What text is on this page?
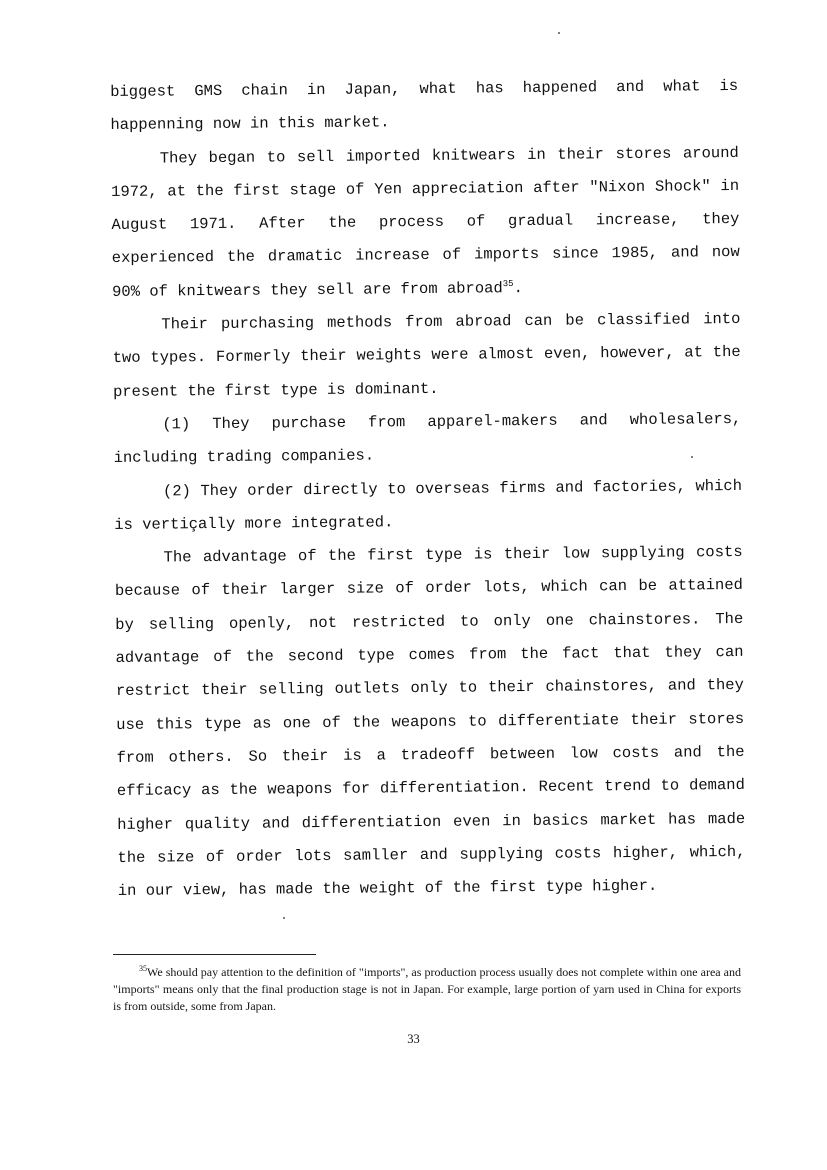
biggest GMS chain in Japan, what has happened and what is happenning now in this market.

They began to sell imported knitwears in their stores around 1972, at the first stage of Yen appreciation after "Nixon Shock" in August 1971. After the process of gradual increase, they experienced the dramatic increase of imports since 1985, and now 90% of knitwears they sell are from abroad$^{35}$.

Their purchasing methods from abroad can be classified into two types. Formerly their weights were almost even, however, at the present the first type is dominant.

(1) They purchase from apparel-makers and wholesalers, including trading companies.

(2) They order directly to overseas firms and factories, which is vertiçally more integrated.

The advantage of the first type is their low supplying costs because of their larger size of order lots, which can be attained by selling openly, not restricted to only one chainstores. The advantage of the second type comes from the fact that they can restrict their selling outlets only to their chainstores, and they use this type as one of the weapons to differentiate their stores from others. So their is a tradeoff between low costs and the efficacy as the weapons for differentiation. Recent trend to demand higher quality and differentiation even in basics market has made the size of order lots samller and supplying costs higher, which, in our view, has made the weight of the first type higher.

$^{35}$We should pay attention to the definition of "imports", as production process usually does not complete within one area and "imports" means only that the final production stage is not in Japan. For example, large portion of yarn used in China for exports is from outside, some from Japan.
33
